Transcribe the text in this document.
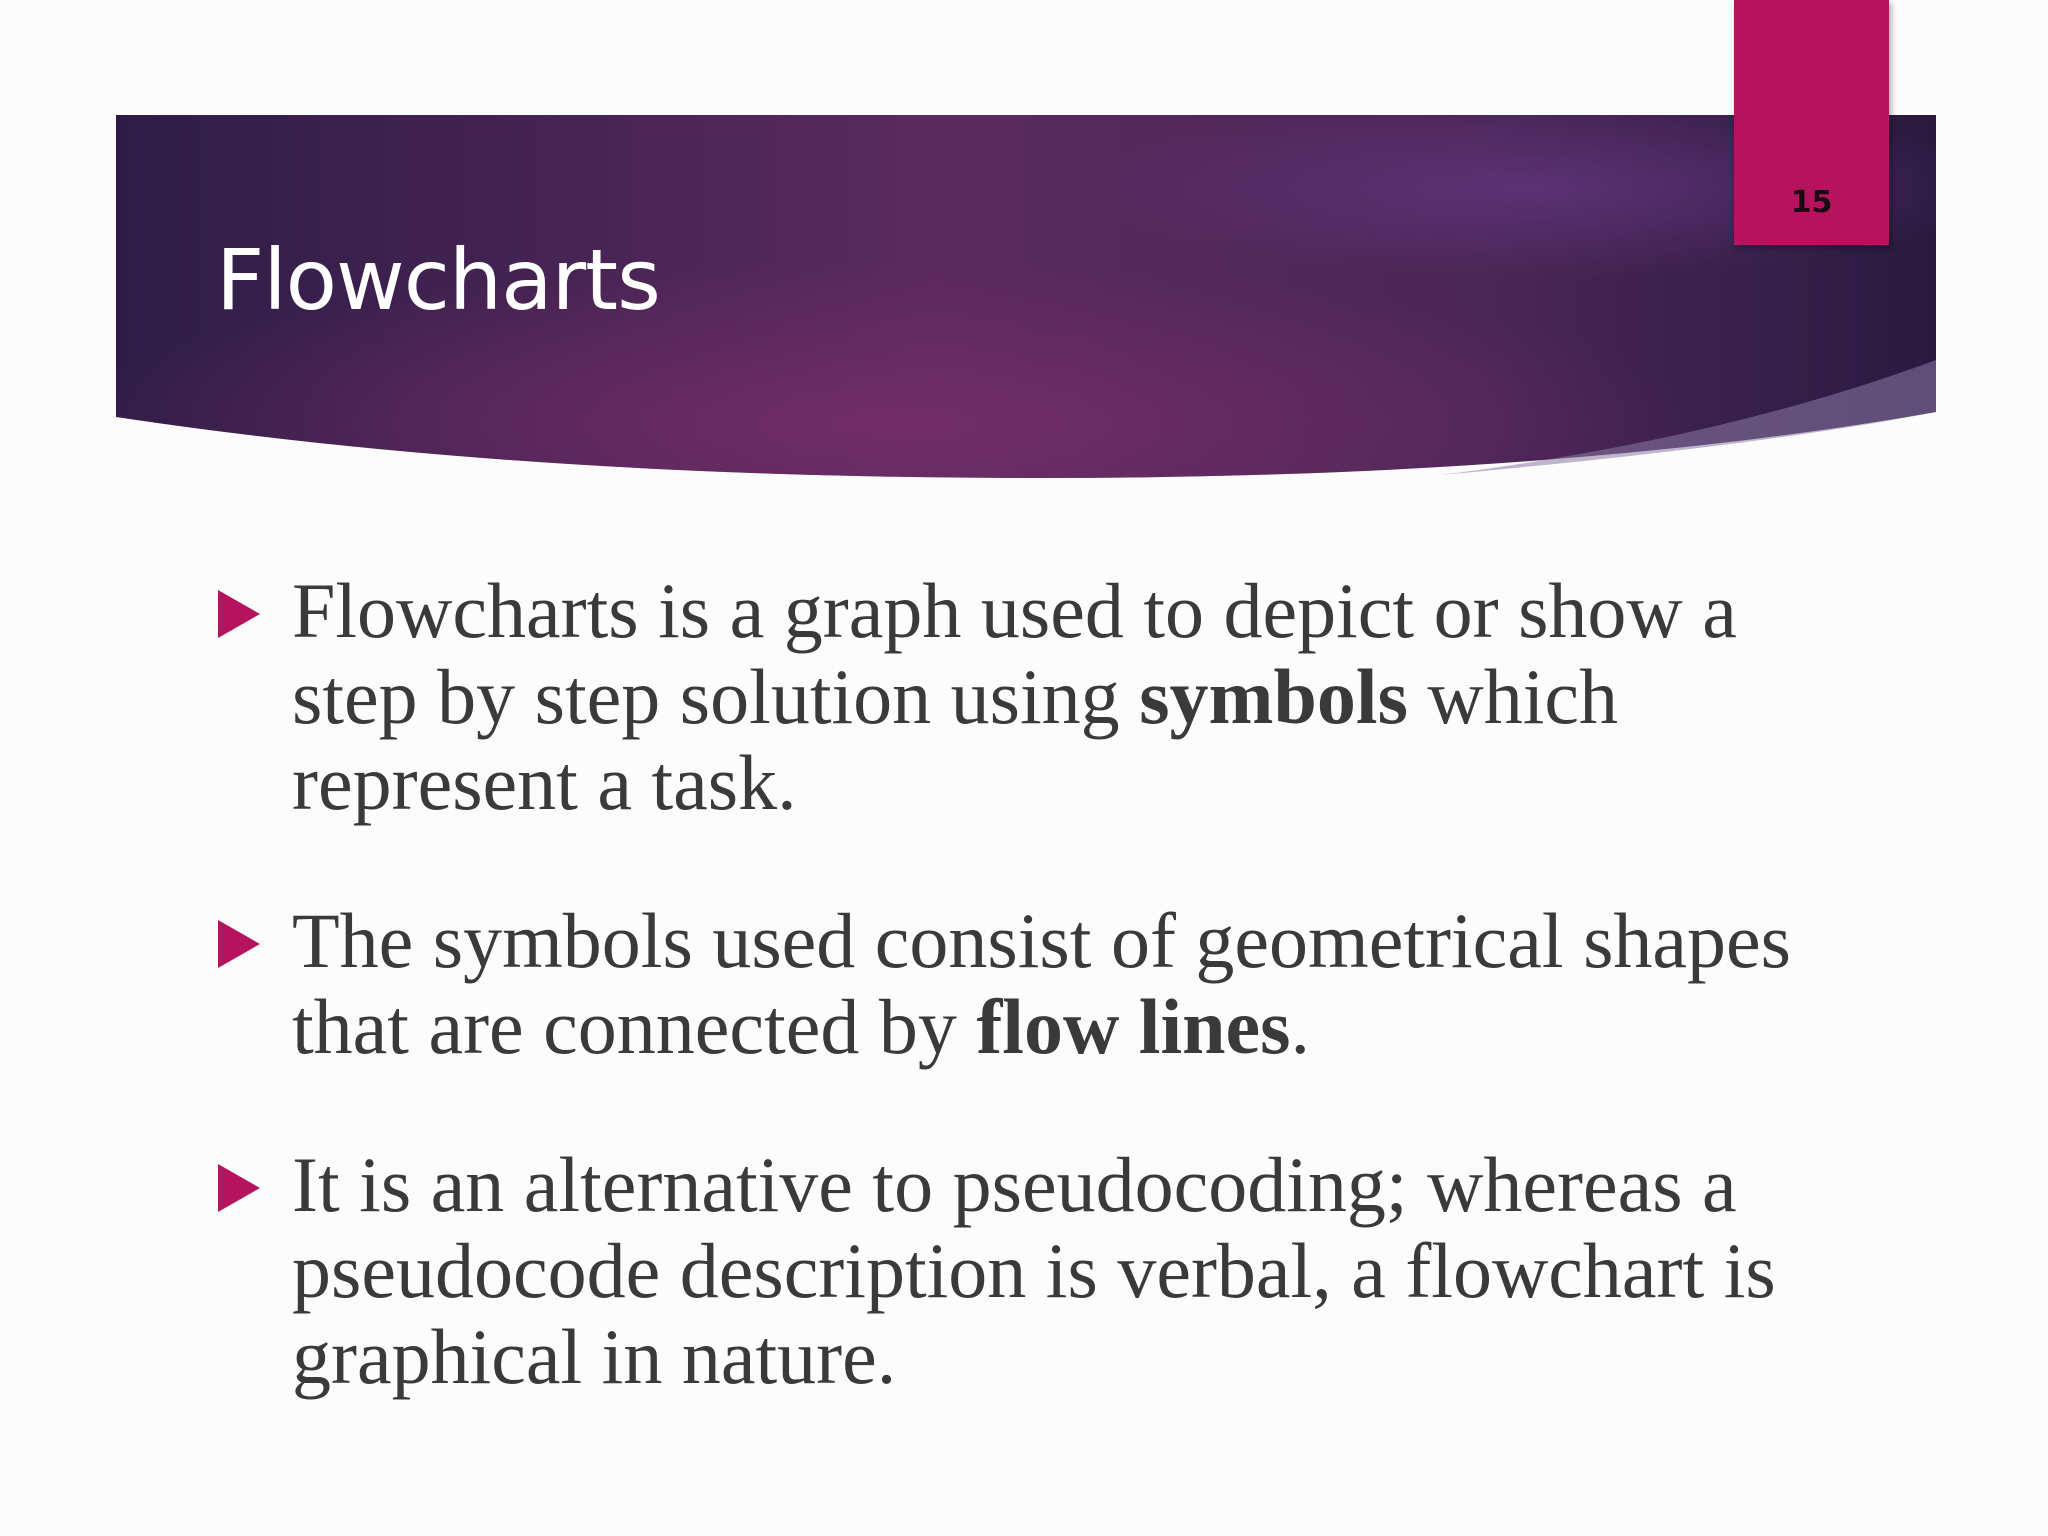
Flowcharts
15
Flowcharts is a graph used to depict or show a step by step solution using symbols which represent a task.
The symbols used consist of geometrical shapes that are connected by flow lines.
It is an alternative to pseudocoding; whereas a pseudocode description is verbal, a flowchart is graphical in nature.
